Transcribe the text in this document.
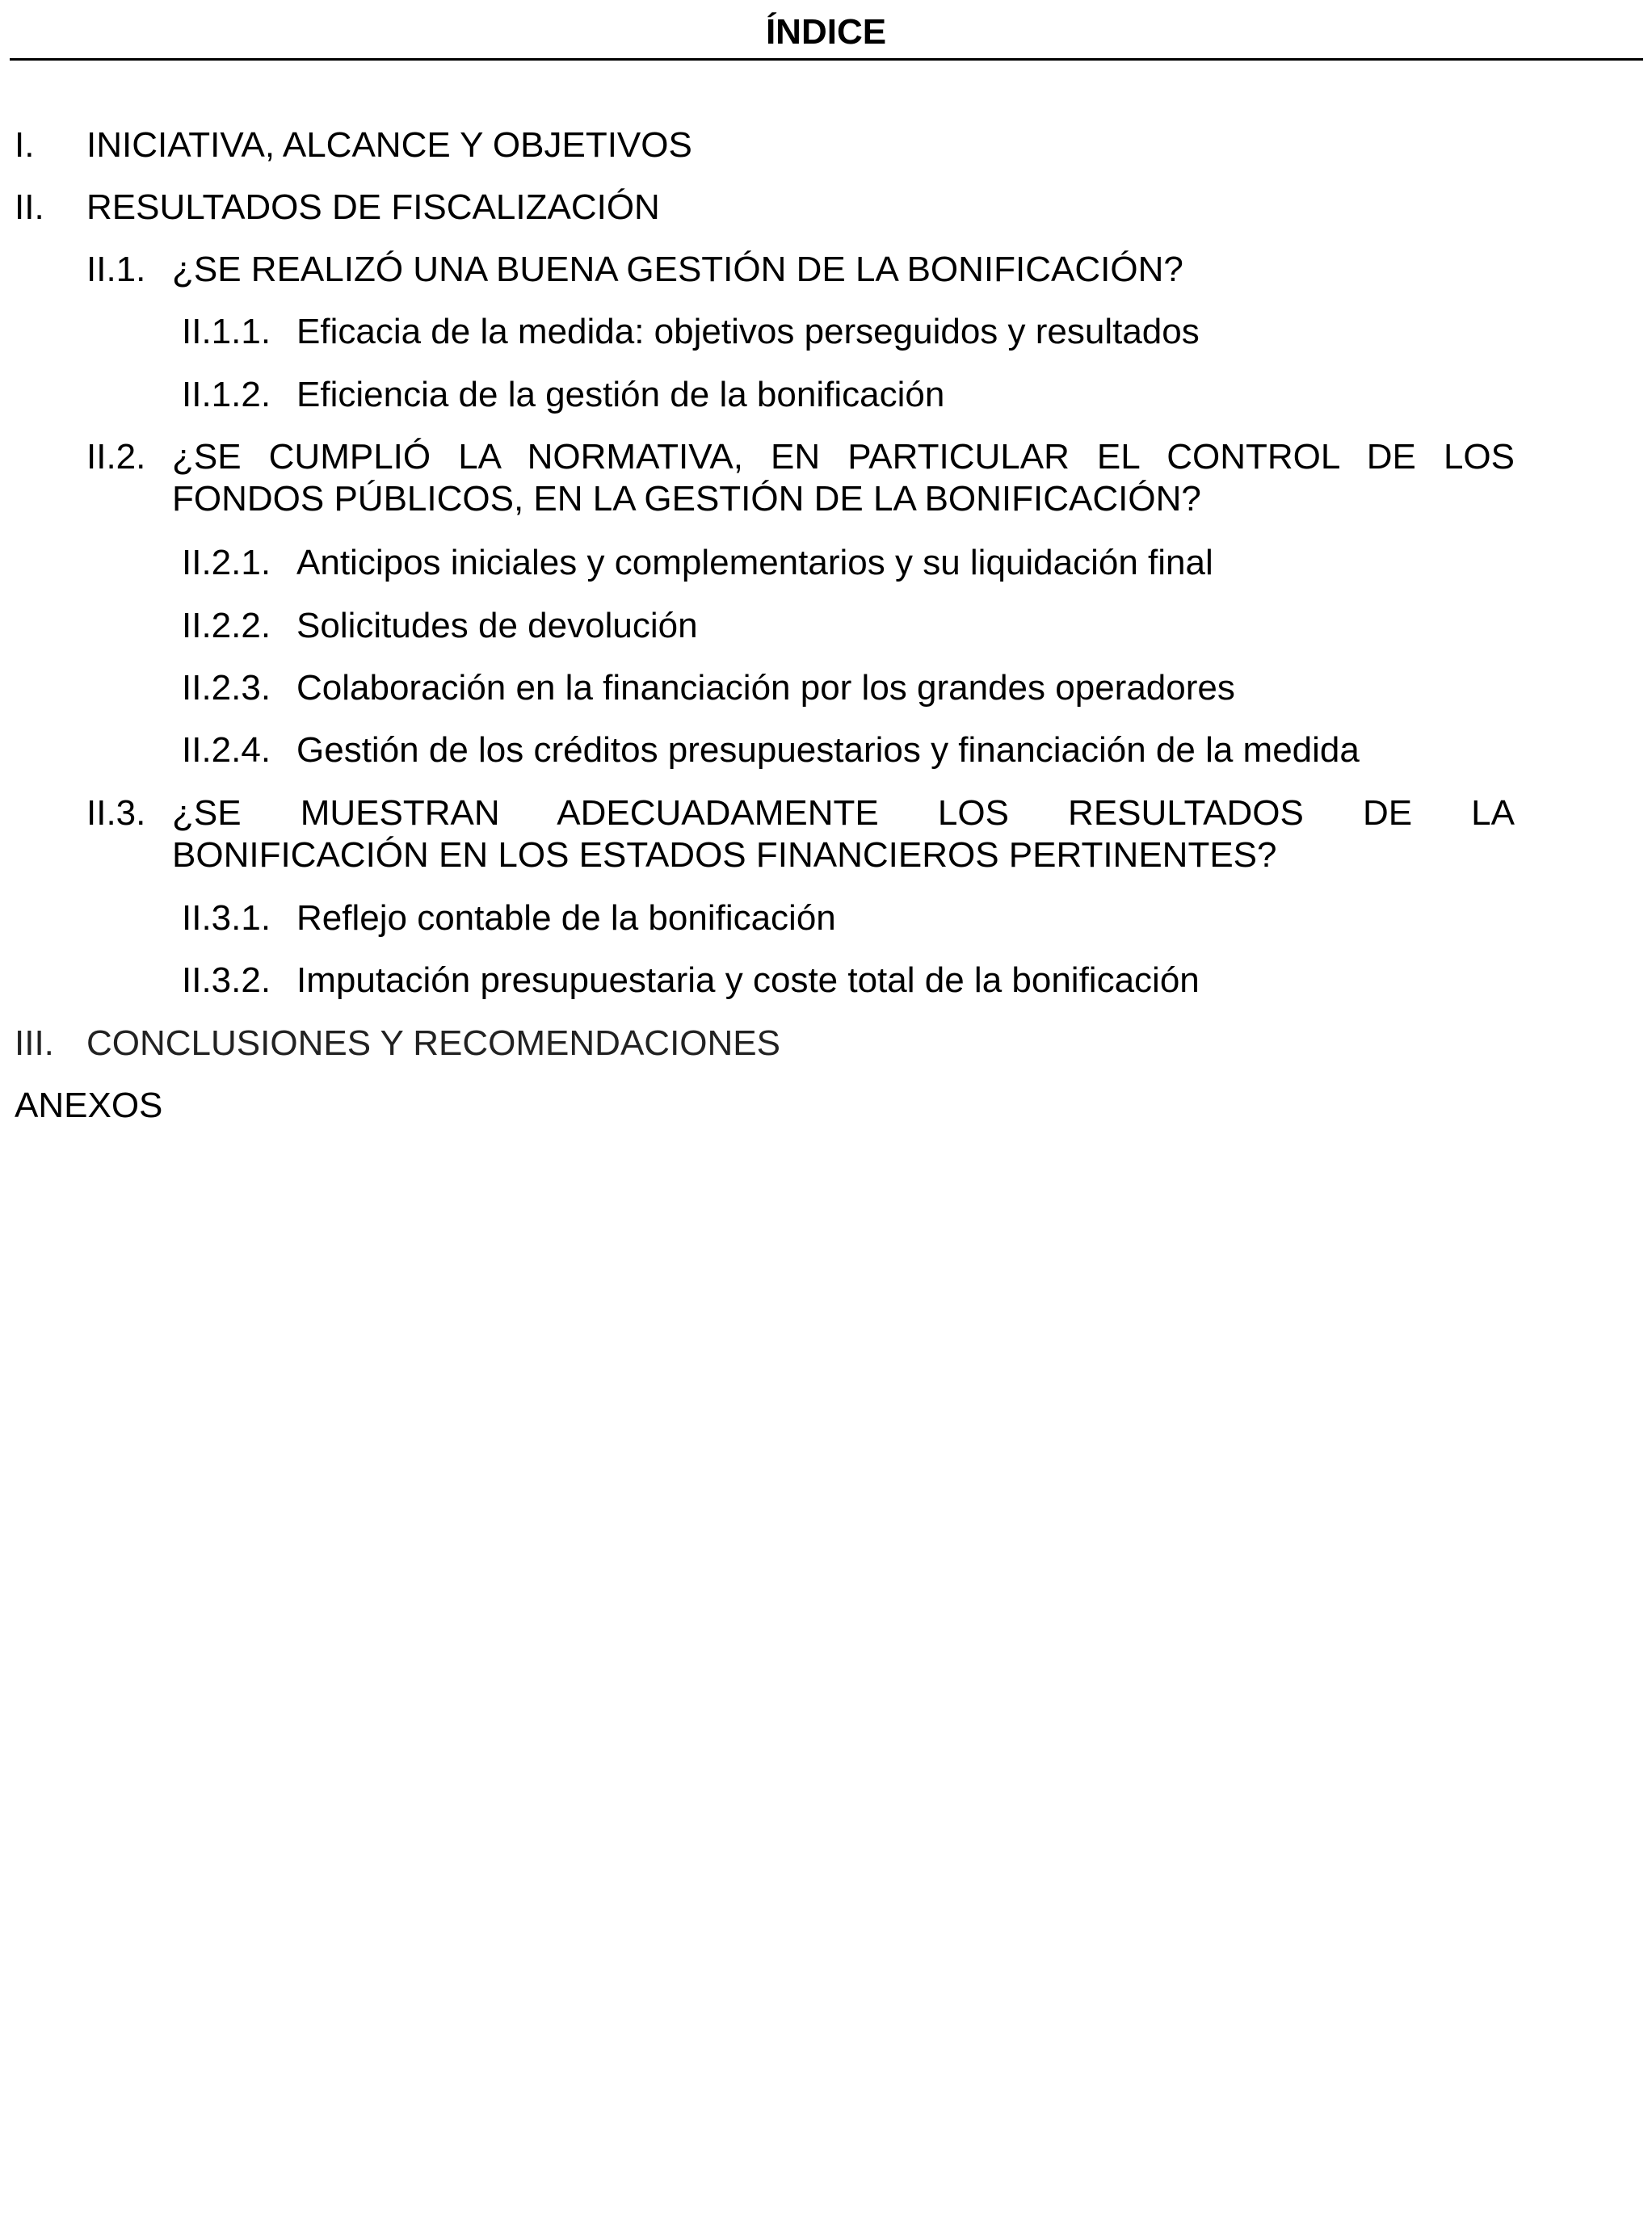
ÍNDICE
I. INICIATIVA, ALCANCE Y OBJETIVOS
II. RESULTADOS DE FISCALIZACIÓN
II.1. ¿SE REALIZÓ UNA BUENA GESTIÓN DE LA BONIFICACIÓN?
II.1.1. Eficacia de la medida: objetivos perseguidos y resultados
II.1.2. Eficiencia de la gestión de la bonificación
II.2. ¿SE CUMPLIÓ LA NORMATIVA, EN PARTICULAR EL CONTROL DE LOS
FONDOS PÚBLICOS, EN LA GESTIÓN DE LA BONIFICACIÓN?
II.2.1. Anticipos iniciales y complementarios y su liquidación final
II.2.2. Solicitudes de devolución
II.2.3. Colaboración en la financiación por los grandes operadores
II.2.4. Gestión de los créditos presupuestarios y financiación de la medida
II.3. ¿SE MUESTRAN ADECUADAMENTE LOS RESULTADOS DE LA
BONIFICACIÓN EN LOS ESTADOS FINANCIEROS PERTINENTES?
II.3.1. Reflejo contable de la bonificación
II.3.2. Imputación presupuestaria y coste total de la bonificación
III. CONCLUSIONES Y RECOMENDACIONES
ANEXOS
